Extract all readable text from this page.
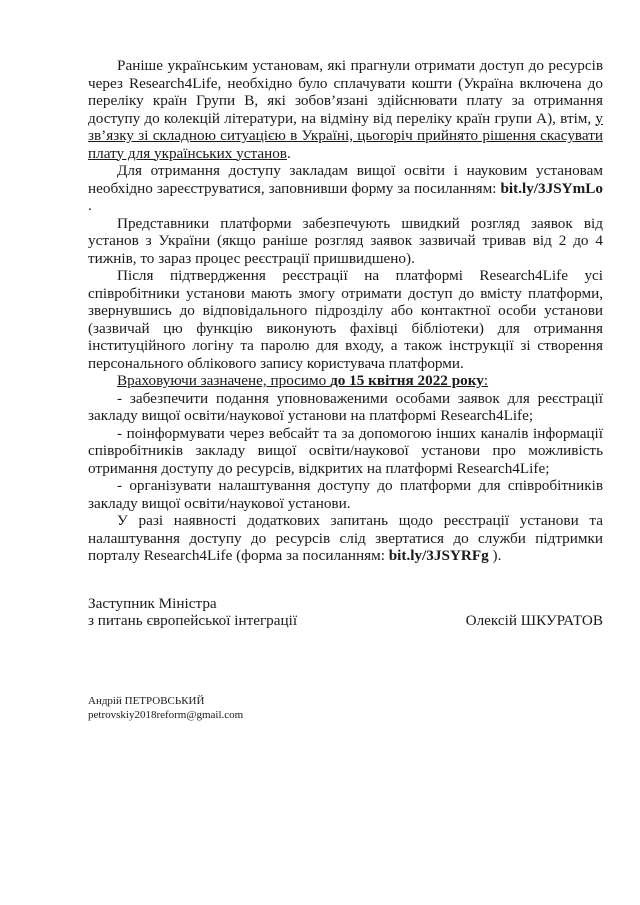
Раніше українським установам, які прагнули отримати доступ до ресурсів через Research4Life, необхідно було сплачувати кошти (Україна включена до переліку країн Групи В, які зобов’язані здійснювати плату за отримання доступу до колекцій літератури, на відміну від переліку країн групи А), втім, у зв’язку зі складною ситуацією в Україні, цьогоріч прийнято рішення скасувати плату для українських установ.

Для отримання доступу закладам вищої освіти і науковим установам необхідно зареєструватися, заповнивши форму за посиланням: bit.ly/3JSYmLo .

Представники платформи забезпечують швидкий розгляд заявок від установ з України (якщо раніше розгляд заявок зазвичай тривав від 2 до 4 тижнів, то зараз процес реєстрації пришвидшено).

Після підтвердження реєстрації на платформі Research4Life усі співробітники установи мають змогу отримати доступ до вмісту платформи, звернувшись до відповідального підрозділу або контактної особи установи (зазвичай цю функцію виконують фахівці бібліотеки) для отримання інституційного логіну та паролю для входу, а також інструкції зі створення персонального облікового запису користувача платформи.

Враховуючи зазначене, просимо до 15 квітня 2022 року:

- забезпечити подання уповноваженими особами заявок для реєстрації закладу вищої освіти/наукової установи на платформі Research4Life;

- поінформувати через вебсайт та за допомогою інших каналів інформації співробітників закладу вищої освіти/наукової установи про можливість отримання доступу до ресурсів, відкритих на платформі Research4Life;

- організувати налаштування доступу до платформи для співробітників закладу вищої освіти/наукової установи.

У разі наявності додаткових запитань щодо реєстрації установи та налаштування доступу до ресурсів слід звертатися до служби підтримки порталу Research4Life (форма за посиланням: bit.ly/3JSYRFg ).

Заступник Міністра
з питань європейської інтеграції	Олексій ШКУРАТОВ
Андрій ПЕТРОВСЬКИЙ
petrovskiy2018reform@gmail.com
